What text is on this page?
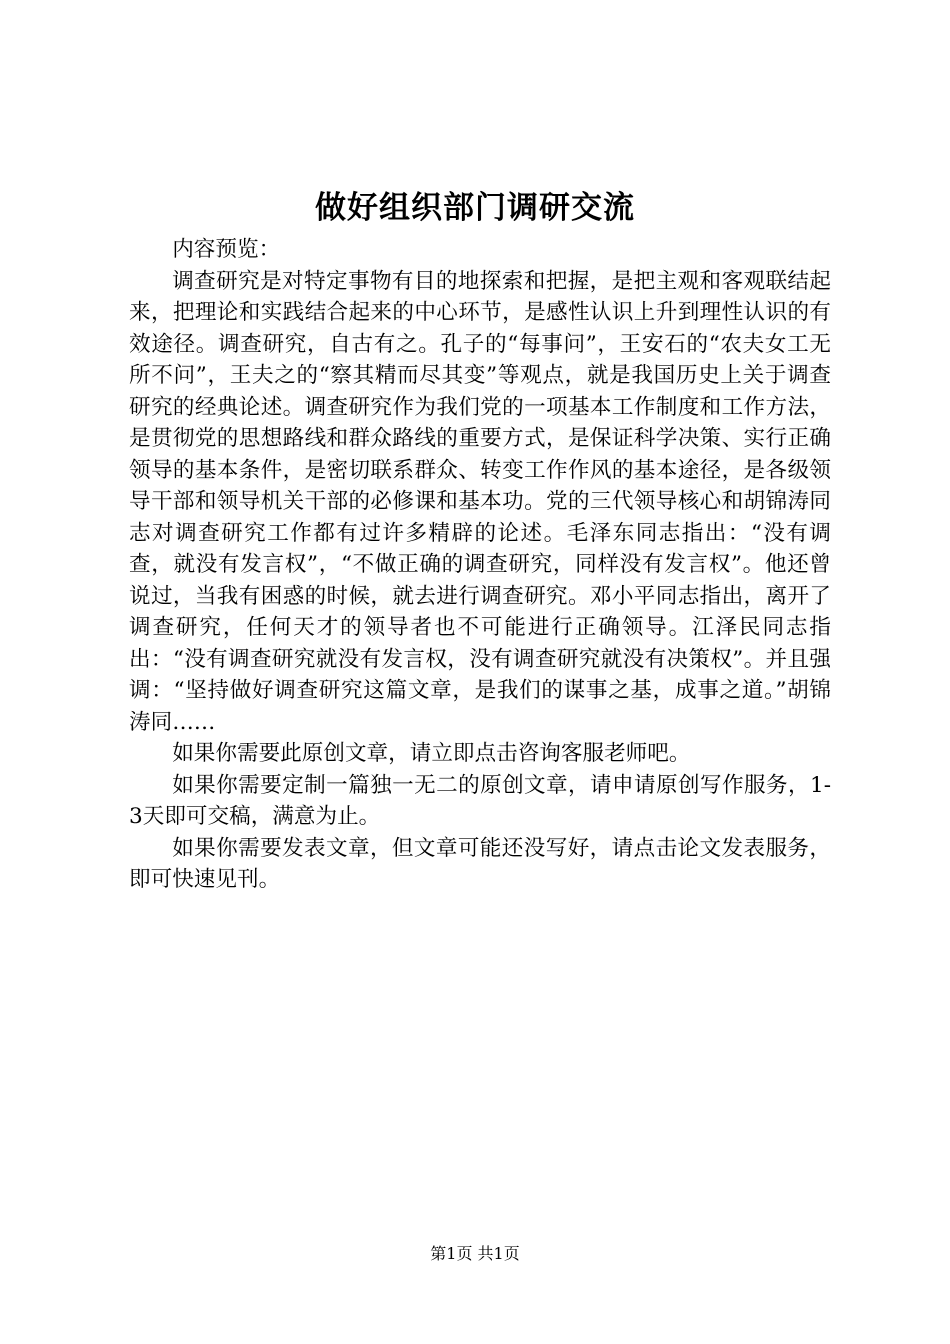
做好组织部门调研交流

内容预览：

调查研究是对特定事物有目的地探索和把握，是把主观和客观联结起来，把理论和实践结合起来的中心环节，是感性认识上升到理性认识的有效途径。调查研究，自古有之。孔子的“每事问”，王安石的“农夫女工无所不问”，王夫之的“察其精而尽其变”等观点，就是我国历史上关于调查研究的经典论述。调查研究作为我们党的一项基本工作制度和工作方法，是贯彻党的思想路线和群众路线的重要方式，是保证科学决策、实行正确领导的基本条件，是密切联系群众、转变工作作风的基本途径，是各级领导干部和领导机关干部的必修课和基本功。党的三代领导核心和胡锦涛同志对调查研究工作都有过许多精辟的论述。毛泽东同志指出：“没有调查，就没有发言权”，“不做正确的调查研究，同样没有发言权”。他还曾说过，当我有困惑的时候，就去进行调查研究。邓小平同志指出，离开了调查研究，任何天才的领导者也不可能进行正确领导。江泽民同志指出：“没有调查研究就没有发言权，没有调查研究就没有决策权”。并且强调：“坚持做好调查研究这篇文章，是我们的谋事之基，成事之道。”胡锦涛同……

如果你需要此原创文章，请立即点击咨询客服老师吧。

如果你需要定制一篇独一无二的原创文章，请申请原创写作服务，1-3天即可交稿，满意为止。

如果你需要发表文章，但文章可能还没写好，请点击论文发表服务，即可快速见刊。

第1页 共1页
